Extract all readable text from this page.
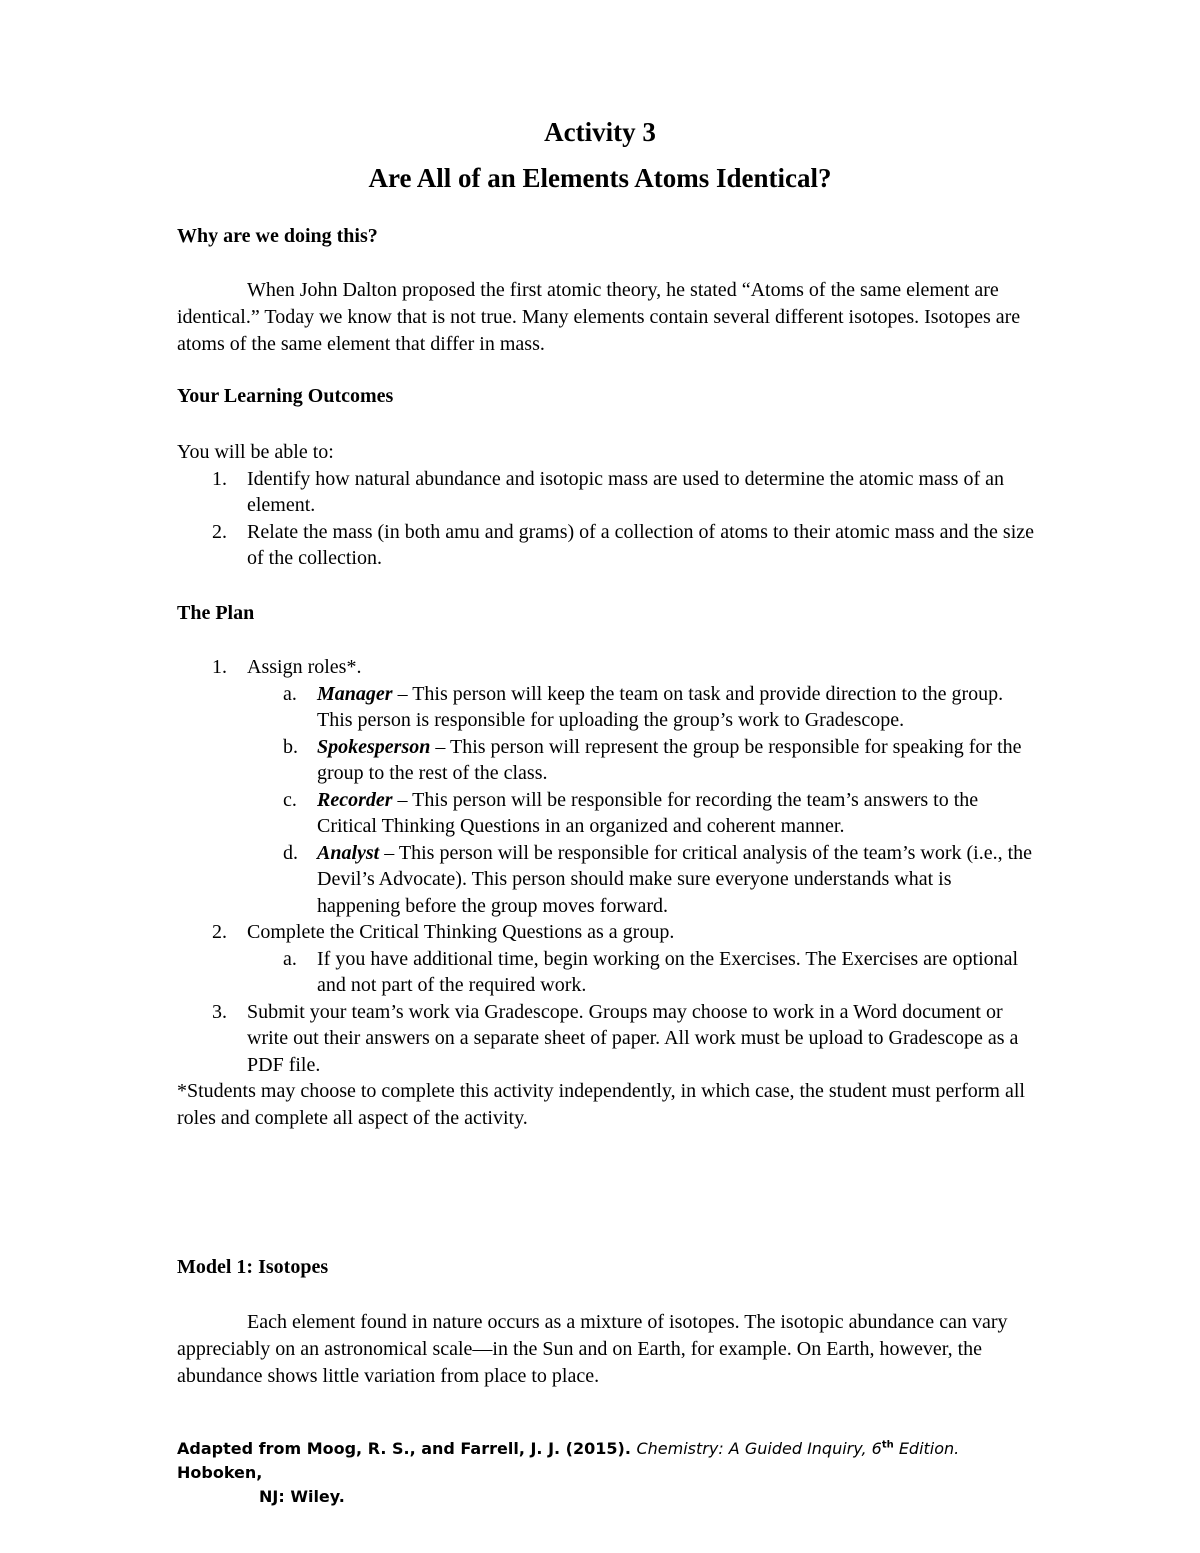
Activity 3
Are All of an Elements Atoms Identical?
Why are we doing this?
When John Dalton proposed the first atomic theory, he stated “Atoms of the same element are identical.” Today we know that is not true. Many elements contain several different isotopes. Isotopes are atoms of the same element that differ in mass.
Your Learning Outcomes
You will be able to:
1. Identify how natural abundance and isotopic mass are used to determine the atomic mass of an element.
2. Relate the mass (in both amu and grams) of a collection of atoms to their atomic mass and the size of the collection.
The Plan
1. Assign roles*.
a. Manager – This person will keep the team on task and provide direction to the group. This person is responsible for uploading the group’s work to Gradescope.
b. Spokesperson – This person will represent the group be responsible for speaking for the group to the rest of the class.
c. Recorder – This person will be responsible for recording the team’s answers to the Critical Thinking Questions in an organized and coherent manner.
d. Analyst – This person will be responsible for critical analysis of the team’s work (i.e., the Devil’s Advocate). This person should make sure everyone understands what is happening before the group moves forward.
2. Complete the Critical Thinking Questions as a group.
a. If you have additional time, begin working on the Exercises. The Exercises are optional and not part of the required work.
3. Submit your team’s work via Gradescope. Groups may choose to work in a Word document or write out their answers on a separate sheet of paper. All work must be upload to Gradescope as a PDF file.
*Students may choose to complete this activity independently, in which case, the student must perform all roles and complete all aspect of the activity.
Model 1: Isotopes
Each element found in nature occurs as a mixture of isotopes. The isotopic abundance can vary appreciably on an astronomical scale—in the Sun and on Earth, for example. On Earth, however, the abundance shows little variation from place to place.
Adapted from Moog, R. S., and Farrell, J. J. (2015). Chemistry: A Guided Inquiry, 6th Edition. Hoboken,
NJ: Wiley.
